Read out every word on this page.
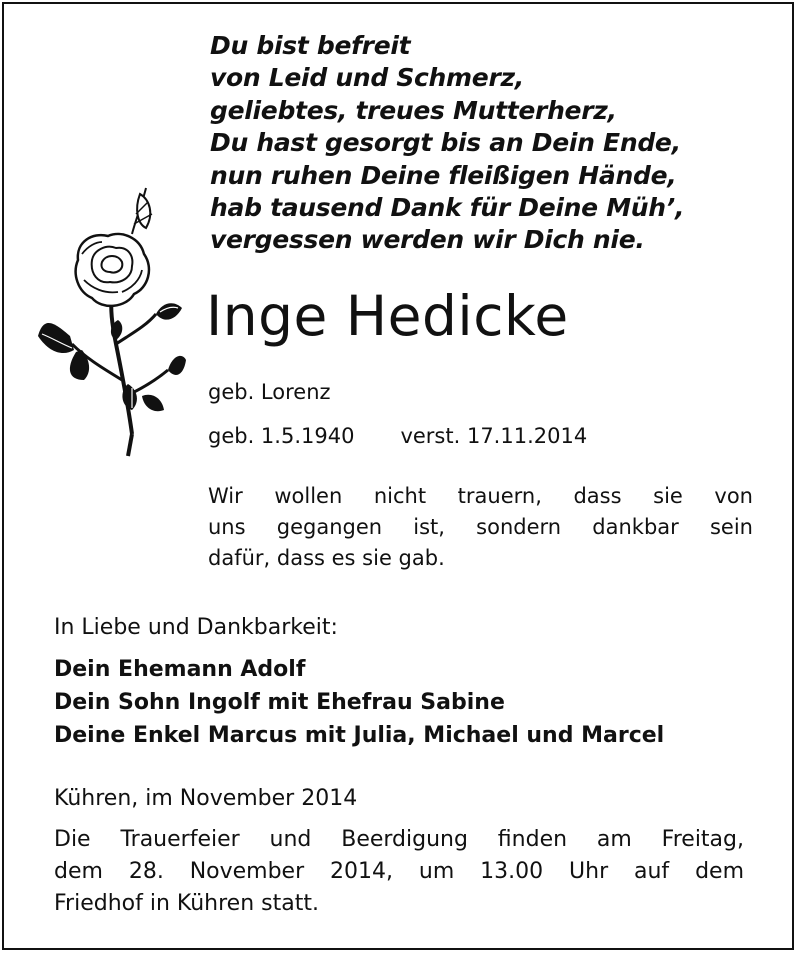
Du bist befreit
von Leid und Schmerz,
geliebtes, treues Mutterherz,
Du hast gesorgt bis an Dein Ende,
nun ruhen Deine fleißigen Hände,
hab tausend Dank für Deine Müh’,
vergessen werden wir Dich nie.
Inge Hedicke
geb. Lorenz
geb. 1.5.1940 verst. 17.11.2014
Wir wollen nicht trauern, dass sie von
uns gegangen ist, sondern dankbar sein
dafür, dass es sie gab.
In Liebe und Dankbarkeit:
Dein Ehemann Adolf
Dein Sohn Ingolf mit Ehefrau Sabine
Deine Enkel Marcus mit Julia, Michael und Marcel
Kühren, im November 2014
Die Trauerfeier und Beerdigung finden am Freitag,
dem 28. November 2014, um 13.00 Uhr auf dem
Friedhof in Kühren statt.
